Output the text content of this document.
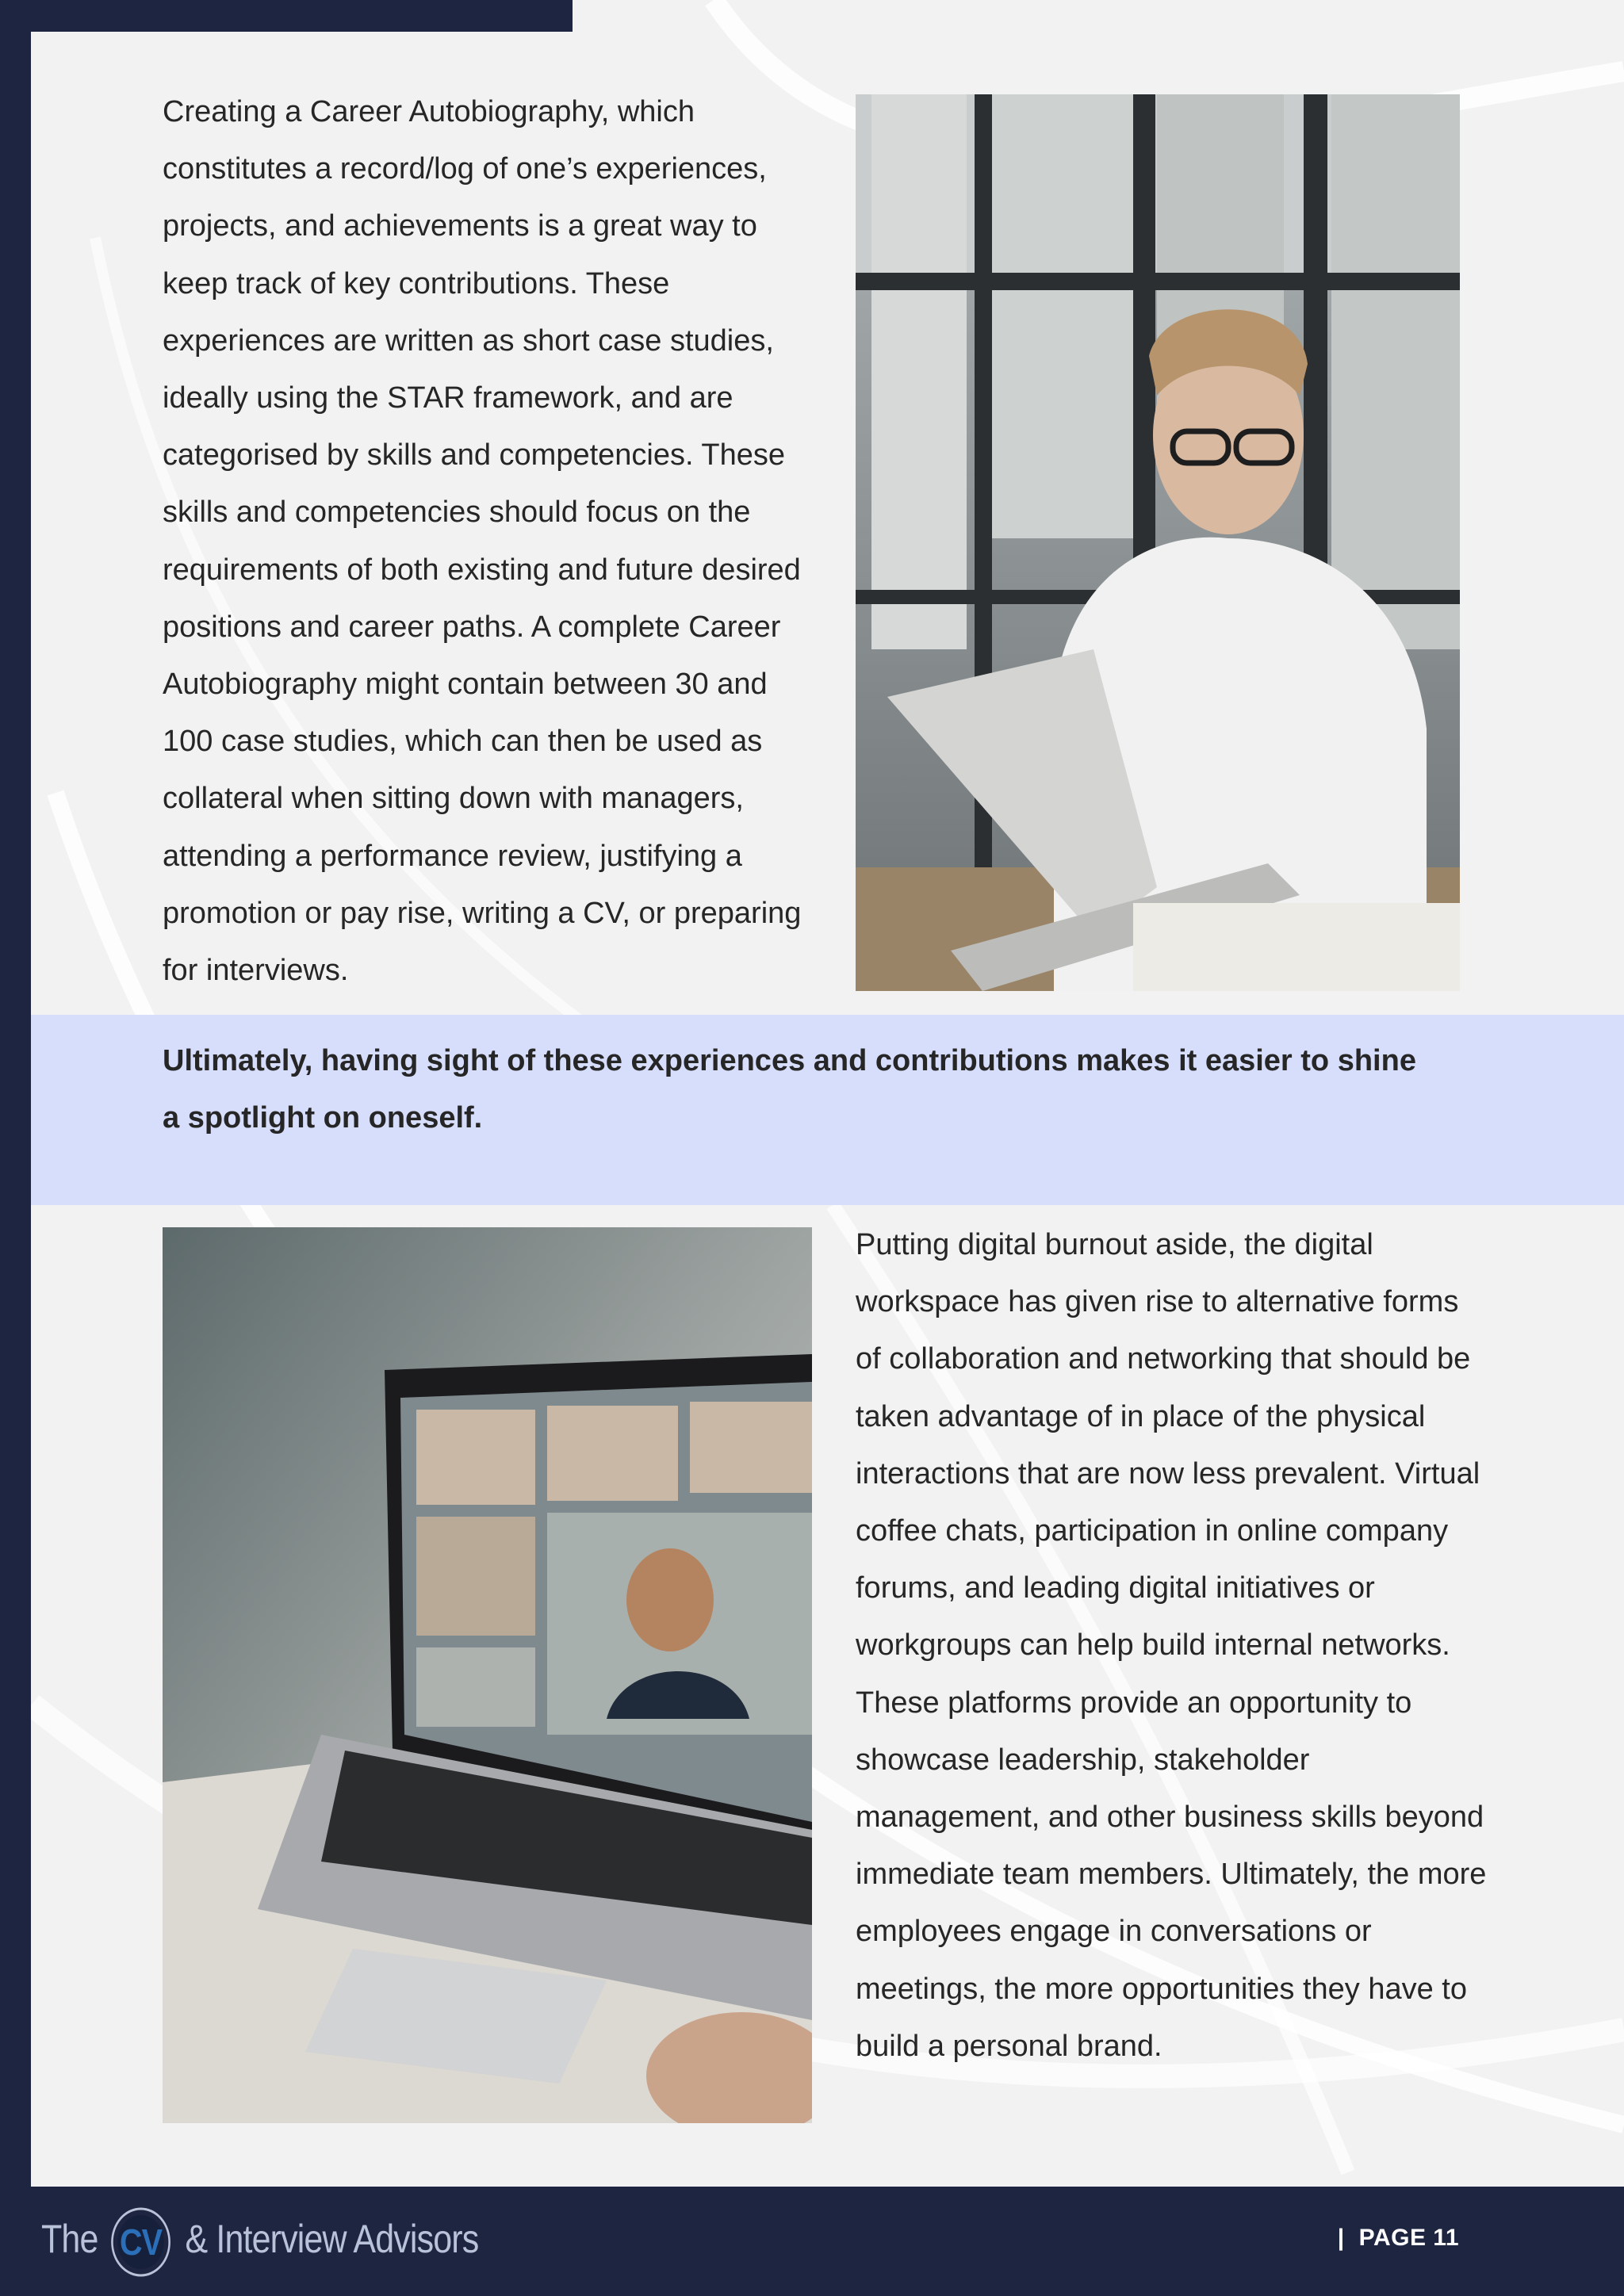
Creating a Career Autobiography, which constitutes a record/log of one’s experiences, projects, and achievements is a great way to keep track of key contributions. These experiences are written as short case studies, ideally using the STAR framework, and are categorised by skills and competencies. These skills and competencies should focus on the requirements of both existing and future desired positions and career paths. A complete Career Autobiography might contain between 30 and 100 case studies, which can then be used as collateral when sitting down with managers, attending a performance review, justifying a promotion or pay rise, writing a CV, or preparing for interviews.

Ultimately, having sight of these experiences and contributions makes it easier to shine a spotlight on oneself.

Putting digital burnout aside, the digital workspace has given rise to alternative forms of collaboration and networking that should be taken advantage of in place of the physical interactions that are now less prevalent. Virtual coffee chats, participation in online company forums, and leading digital initiatives or workgroups can help build internal networks. These platforms provide an opportunity to showcase leadership, stakeholder management, and other business skills beyond immediate team members. Ultimately, the more employees engage in conversations or meetings, the more opportunities they have to build a personal brand.

The CV & Interview Advisors	| PAGE 11
